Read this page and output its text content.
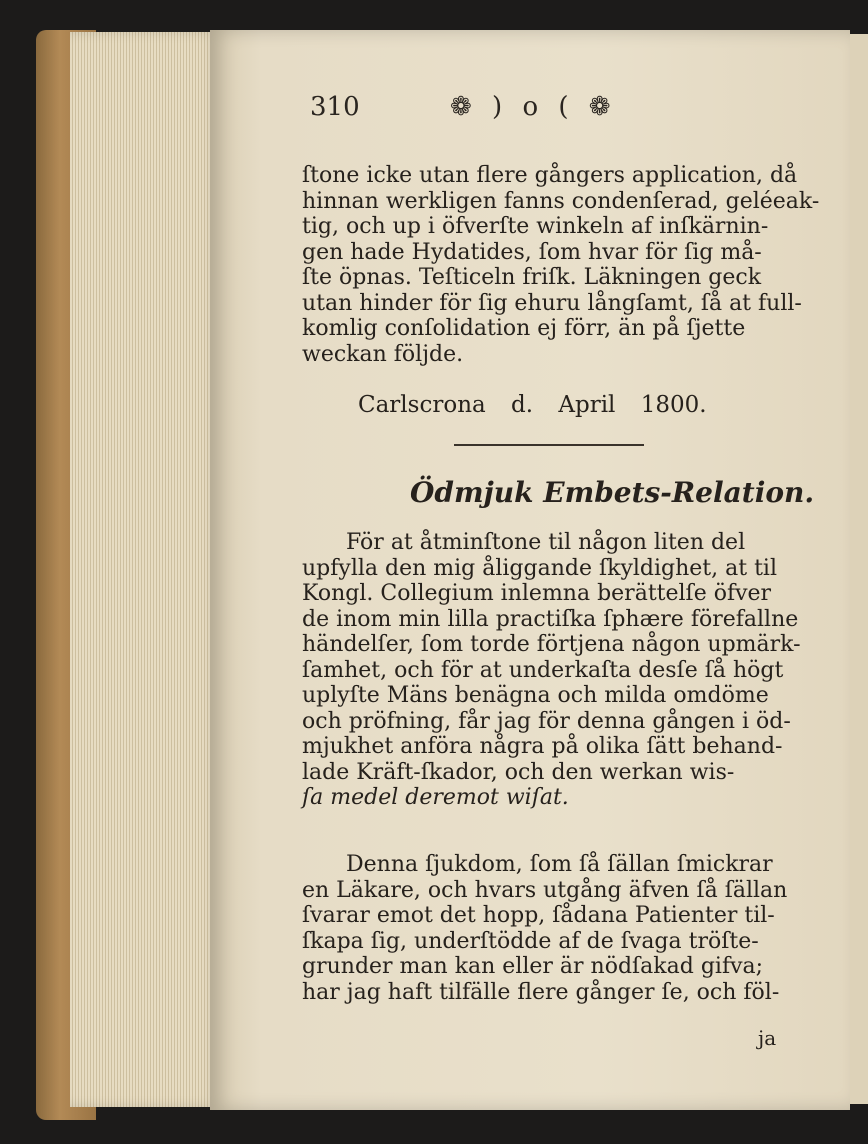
310	❁ ) o ( ❁
ſtone icke utan flere gångers application, då
hinnan werkligen fanns condenſerad, geléeak-
tig, och up i öfverſte winkeln af inſkärnin-
gen hade Hydatides, ſom hvar för ſig må-
ſte öpnas. Teſticeln friſk. Läkningen geck
utan hinder för ſig ehuru långſamt, ſå at full-
komlig conſolidation ej förr, än på ſjette
weckan följde.
Carlscrona d. April 1800.
Ödmjuk Embets-Relation.
För at åtminſtone til någon liten del
upfylla den mig åliggande ſkyldighet, at til
Kongl. Collegium inlemna berättelſe öfver
de inom min lilla practiſka ſphære förefallne
händelſer, ſom torde förtjena någon upmärk-
ſamhet, och för at underkaſta desſe ſå högt
uplyſte Mäns benägna och milda omdöme
och pröfning, får jag för denna gången i öd-
mjukhet anföra några på olika ſätt behand-
lade Kräft-ſkador, och den werkan wis-
ſa medel deremot wiſat.
Denna ſjukdom, ſom ſå ſällan ſmickrar
en Läkare, och hvars utgång äfven ſå ſällan
ſvarar emot det hopp, ſådana Patienter til-
ſkapa ſig, underſtödde af de ſvaga tröſte-
grunder man kan eller är nödſakad gifva;
har jag haft tilfälle flere gånger ſe, och föl-
ja
